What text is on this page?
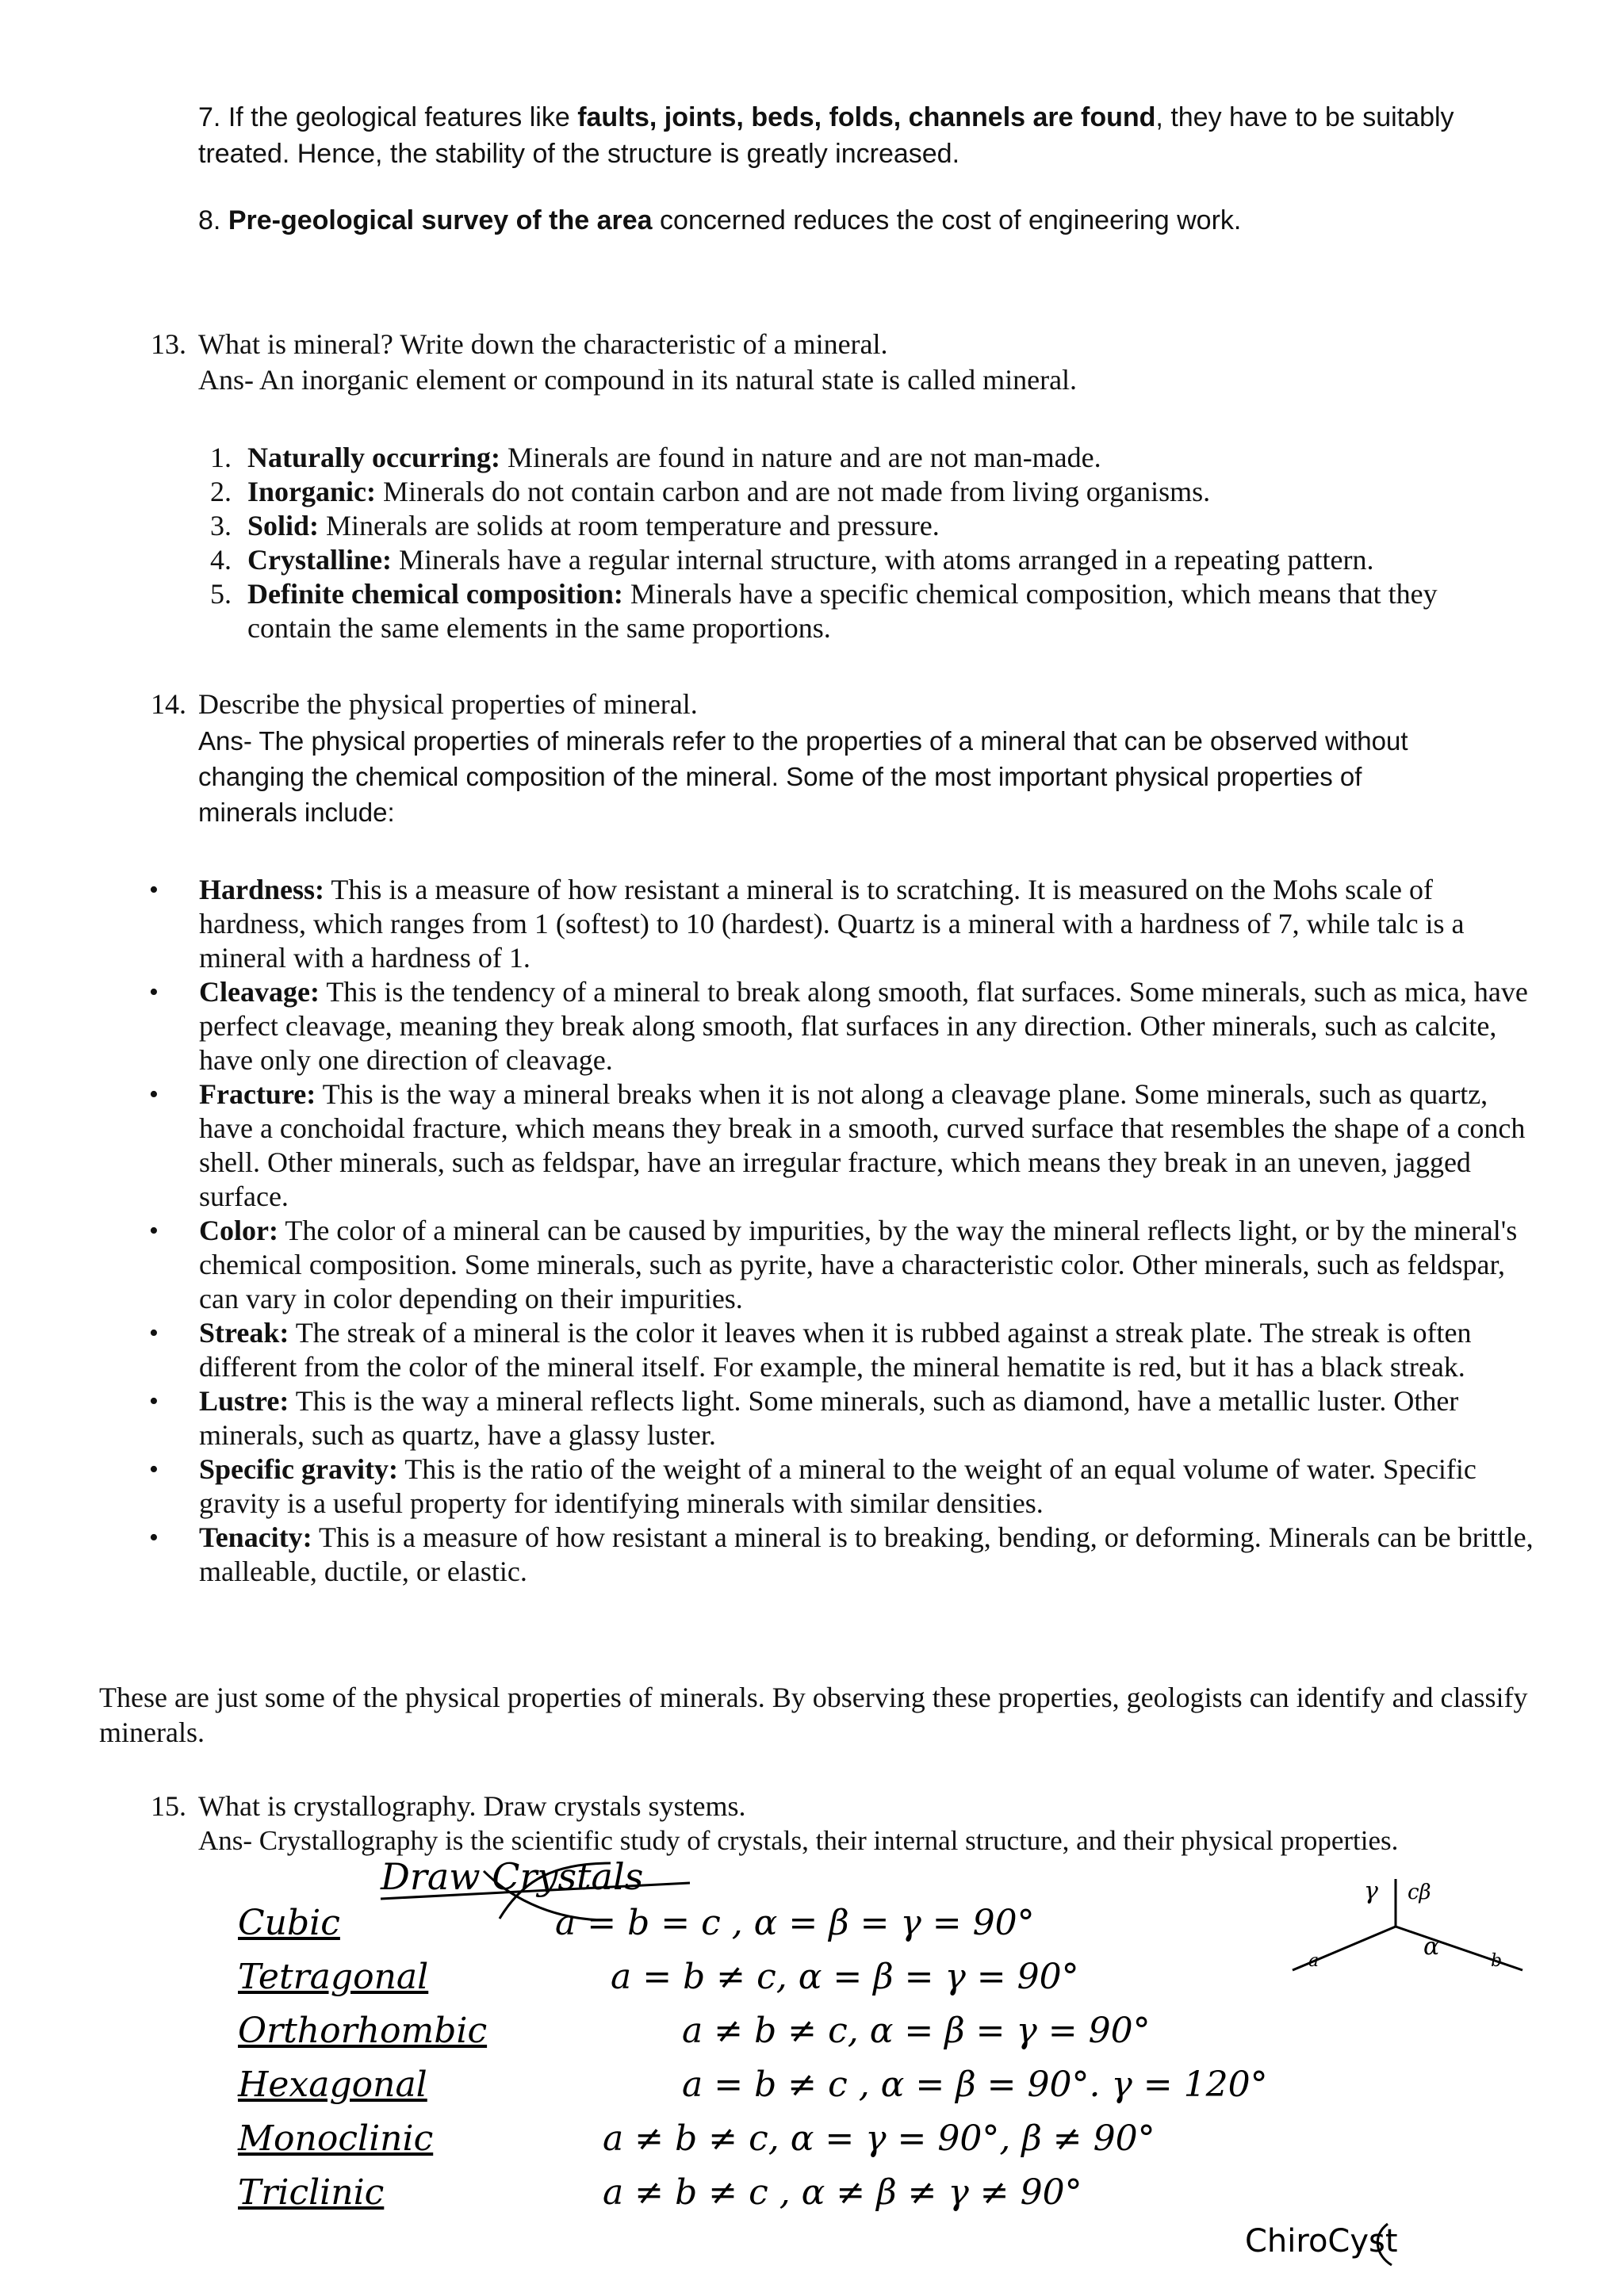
7. If the geological features like faults, joints, beds, folds, channels are found, they have to be suitably
treated. Hence, the stability of the structure is greatly increased.
8. Pre-geological survey of the area concerned reduces the cost of engineering work.
13. What is mineral? Write down the characteristic of a mineral.
Ans- An inorganic element or compound in its natural state is called mineral.
1. Naturally occurring: Minerals are found in nature and are not man-made.
2. Inorganic: Minerals do not contain carbon and are not made from living organisms.
3. Solid: Minerals are solids at room temperature and pressure.
4. Crystalline: Minerals have a regular internal structure, with atoms arranged in a repeating pattern.
5. Definite chemical composition: Minerals have a specific chemical composition, which means that they contain the same elements in the same proportions.
14. Describe the physical properties of mineral.
Ans- The physical properties of minerals refer to the properties of a mineral that can be observed without
changing the chemical composition of the mineral. Some of the most important physical properties of
minerals include:
• Hardness: This is a measure of how resistant a mineral is to scratching. It is measured on the Mohs scale of hardness, which ranges from 1 (softest) to 10 (hardest). Quartz is a mineral with a hardness of 7, while talc is a mineral with a hardness of 1.
• Cleavage: This is the tendency of a mineral to break along smooth, flat surfaces. Some minerals, such as mica, have perfect cleavage, meaning they break along smooth, flat surfaces in any direction. Other minerals, such as calcite, have only one direction of cleavage.
• Fracture: This is the way a mineral breaks when it is not along a cleavage plane. Some minerals, such as quartz, have a conchoidal fracture, which means they break in a smooth, curved surface that resembles the shape of a conch shell. Other minerals, such as feldspar, have an irregular fracture, which means they break in an uneven, jagged surface.
• Color: The color of a mineral can be caused by impurities, by the way the mineral reflects light, or by the mineral's chemical composition. Some minerals, such as pyrite, have a characteristic color. Other minerals, such as feldspar, can vary in color depending on their impurities.
• Streak: The streak of a mineral is the color it leaves when it is rubbed against a streak plate. The streak is often different from the color of the mineral itself. For example, the mineral hematite is red, but it has a black streak.
• Lustre: This is the way a mineral reflects light. Some minerals, such as diamond, have a metallic luster. Other minerals, such as quartz, have a glassy luster.
• Specific gravity: This is the ratio of the weight of a mineral to the weight of an equal volume of water. Specific gravity is a useful property for identifying minerals with similar densities.
• Tenacity: This is a measure of how resistant a mineral is to breaking, bending, or deforming. Minerals can be brittle, malleable, ductile, or elastic.
These are just some of the physical properties of minerals. By observing these properties, geologists can identify and classify minerals.
15. What is crystallography. Draw crystals systems.
Ans- Crystallography is the scientific study of crystals, their internal structure, and their physical properties.
Draw Crystals	γ cβ
α
a	b
Cubic	a = b = c , α = β = γ = 90°
Tetragonal	a = b ≠ c, α = β = γ = 90°
Orthorhombic	a ≠ b ≠ c, α = β = γ = 90°
Hexagonal	a = b ≠ c , α = β = 90°. γ = 120°
Monoclinic	a ≠ b ≠ c, α = γ = 90°, β ≠ 90°
Triclinic	a ≠ b ≠ c , α ≠ β ≠ γ ≠ 90°
ChiroCyst
